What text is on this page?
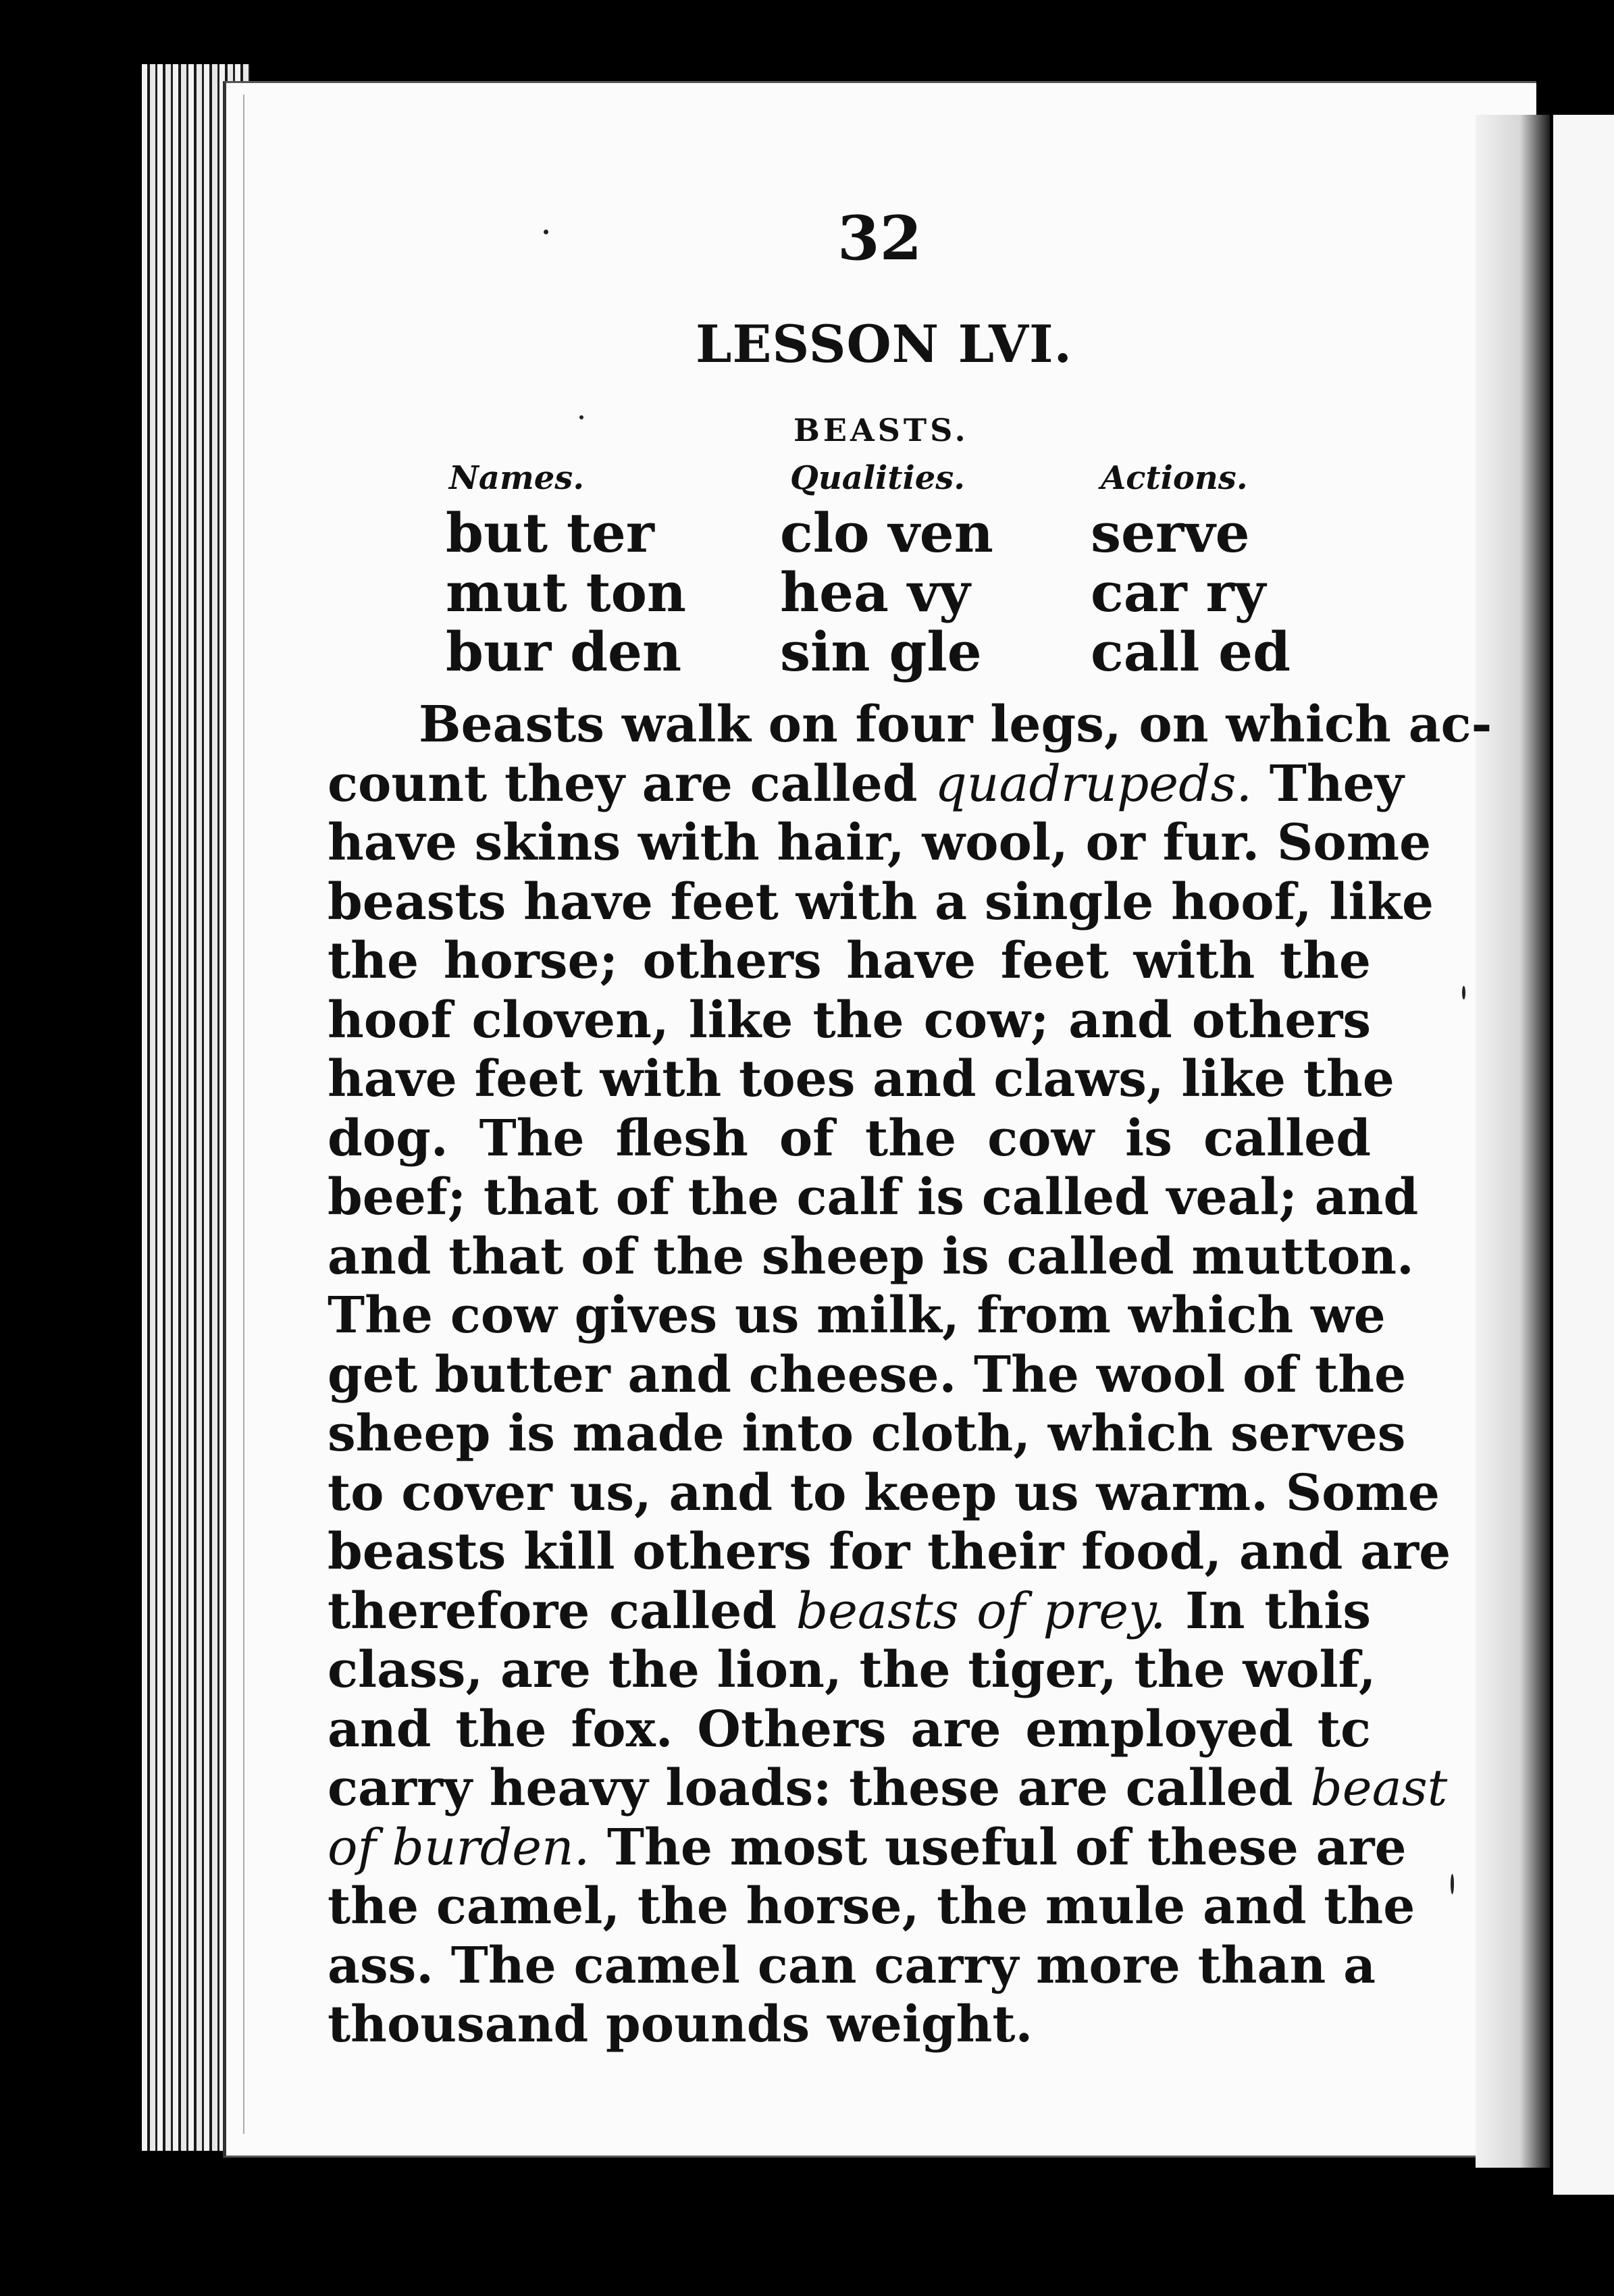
32
LESSON LVI.
BEASTS.
Names.	Qualities.	Actions.
but ter
mut ton
bur den
clo ven
hea vy
sin gle
serve
car ry
call ed
Beasts walk on four legs, on which ac-
count they are called quadrupeds. They
have skins with hair, wool, or fur. Some
beasts have feet with a single hoof, like
the horse; others have feet with the
hoof cloven, like the cow; and others
have feet with toes and claws, like the
dog. The flesh of the cow is called
beef; that of the calf is called veal; and
and that of the sheep is called mutton.
The cow gives us milk, from which we
get butter and cheese. The wool of the
sheep is made into cloth, which serves
to cover us, and to keep us warm. Some
beasts kill others for their food, and are
therefore called beasts of prey. In this
class, are the lion, the tiger, the wolf,
and the fox. Others are employed tc
carry heavy loads: these are called beast
of burden. The most useful of these are
the camel, the horse, the mule and the
ass. The camel can carry more than a
thousand pounds weight.
